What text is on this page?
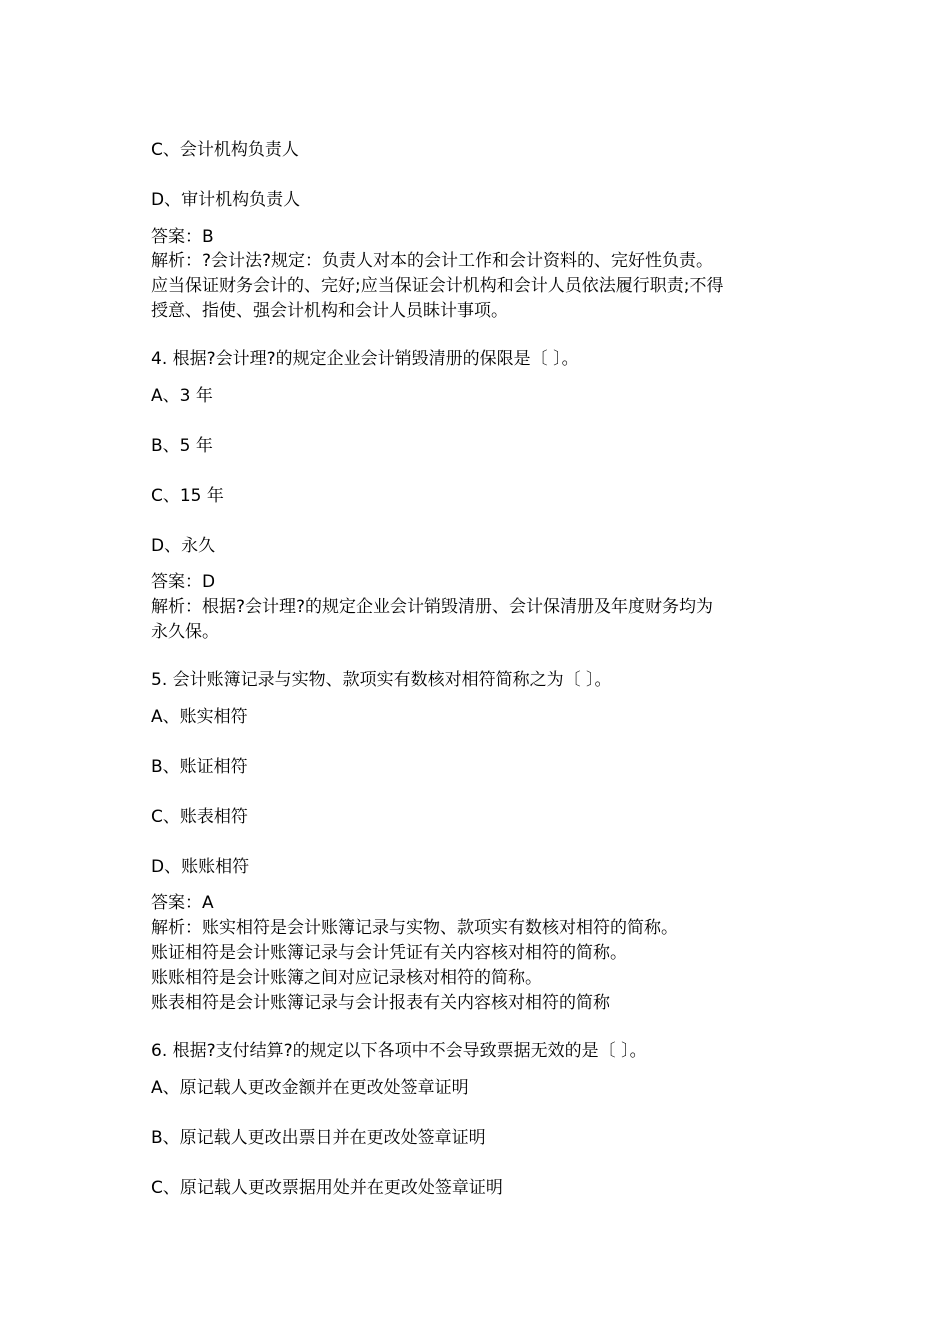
C、会计机构负责人
D、审计机构负责人
答案：B
解析：?会计法?规定：负责人对本的会计工作和会计资料的、完好性负责。
应当保证财务会计的、完好;应当保证会计机构和会计人员依法履行职责;不得
授意、指使、强会计机构和会计人员眛计事项。
4. 根据?会计理?的规定企业会计销毁清册的保限是〔 〕。
A、3 年
B、5 年
C、15 年
D、永久
答案：D
解析：根据?会计理?的规定企业会计销毁清册、会计保清册及年度财务均为
永久保。
5. 会计账簿记录与实物、款项实有数核对相符简称之为〔 〕。
A、账实相符
B、账证相符
C、账表相符
D、账账相符
答案：A
解析：账实相符是会计账簿记录与实物、款项实有数核对相符的简称。
账证相符是会计账簿记录与会计凭证有关内容核对相符的简称。
账账相符是会计账簿之间对应记录核对相符的简称。
账表相符是会计账簿记录与会计报表有关内容核对相符的简称
6. 根据?支付结算?的规定以下各项中不会导致票据无效的是〔 〕。
A、原记载人更改金额并在更改处签章证明
B、原记载人更改出票日并在更改处签章证明
C、原记载人更改票据用处并在更改处签章证明
